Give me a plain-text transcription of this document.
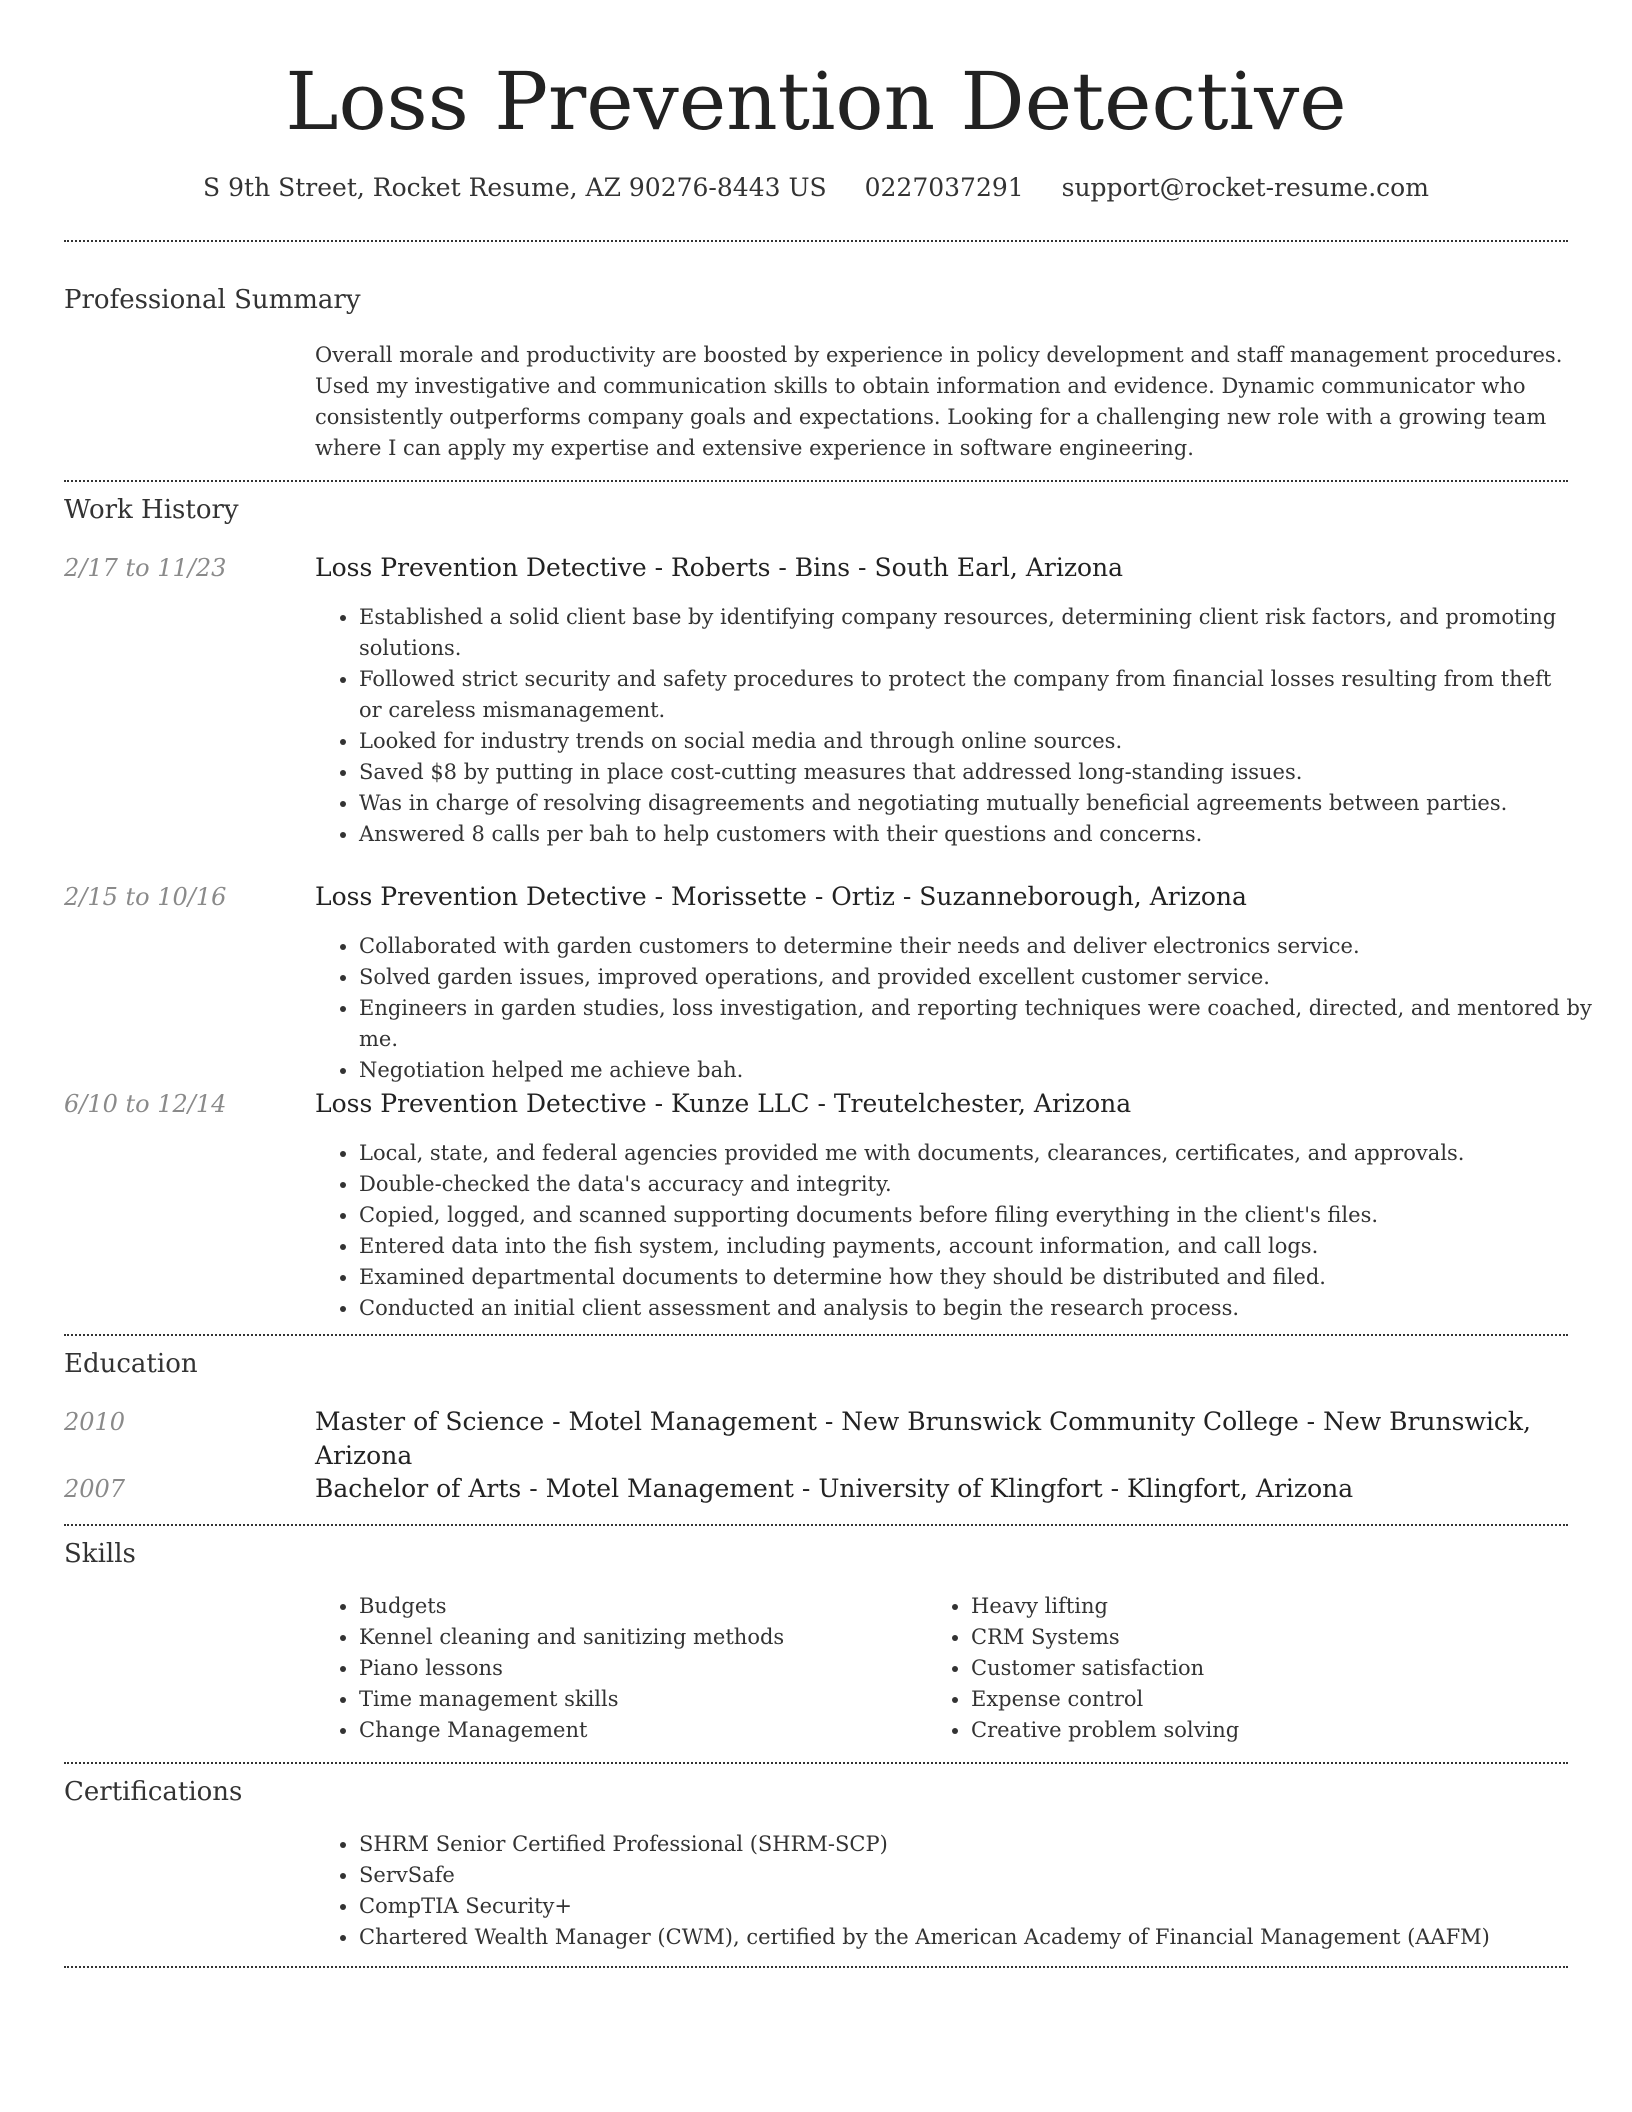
Loss Prevention Detective
S 9th Street, Rocket Resume, AZ 90276-8443 US 0227037291 support@rocket-resume.com
Professional Summary

Overall morale and productivity are boosted by experience in policy development and staff management procedures. Used my investigative and communication skills to obtain information and evidence. Dynamic communicator who consistently outperforms company goals and expectations. Looking for a challenging new role with a growing team where I can apply my expertise and extensive experience in software engineering.

Work History
2/17 to 11/23	Loss Prevention Detective - Roberts - Bins - South Earl, Arizona
• Established a solid client base by identifying company resources, determining client risk factors, and promoting solutions.
• Followed strict security and safety procedures to protect the company from financial losses resulting from theft or careless mismanagement.
• Looked for industry trends on social media and through online sources.
• Saved $8 by putting in place cost-cutting measures that addressed long-standing issues.
• Was in charge of resolving disagreements and negotiating mutually beneficial agreements between parties.
• Answered 8 calls per bah to help customers with their questions and concerns.
2/15 to 10/16	Loss Prevention Detective - Morissette - Ortiz - Suzanneborough, Arizona
• Collaborated with garden customers to determine their needs and deliver electronics service.
• Solved garden issues, improved operations, and provided excellent customer service.
• Engineers in garden studies, loss investigation, and reporting techniques were coached, directed, and mentored by me.
• Negotiation helped me achieve bah.
6/10 to 12/14	Loss Prevention Detective - Kunze LLC - Treutelchester, Arizona
• Local, state, and federal agencies provided me with documents, clearances, certificates, and approvals.
• Double-checked the data's accuracy and integrity.
• Copied, logged, and scanned supporting documents before filing everything in the client's files.
• Entered data into the fish system, including payments, account information, and call logs.
• Examined departmental documents to determine how they should be distributed and filed.
• Conducted an initial client assessment and analysis to begin the research process.
Education
2010	Master of Science - Motel Management - New Brunswick Community College - New Brunswick, Arizona
2007	Bachelor of Arts - Motel Management - University of Klingfort - Klingfort, Arizona
Skills
• Budgets
• Kennel cleaning and sanitizing methods
• Piano lessons
• Time management skills
• Change Management
• Heavy lifting
• CRM Systems
• Customer satisfaction
• Expense control
• Creative problem solving
Certifications
• SHRM Senior Certified Professional (SHRM-SCP)
• ServSafe
• CompTIA Security+
• Chartered Wealth Manager (CWM), certified by the American Academy of Financial Management (AAFM)
